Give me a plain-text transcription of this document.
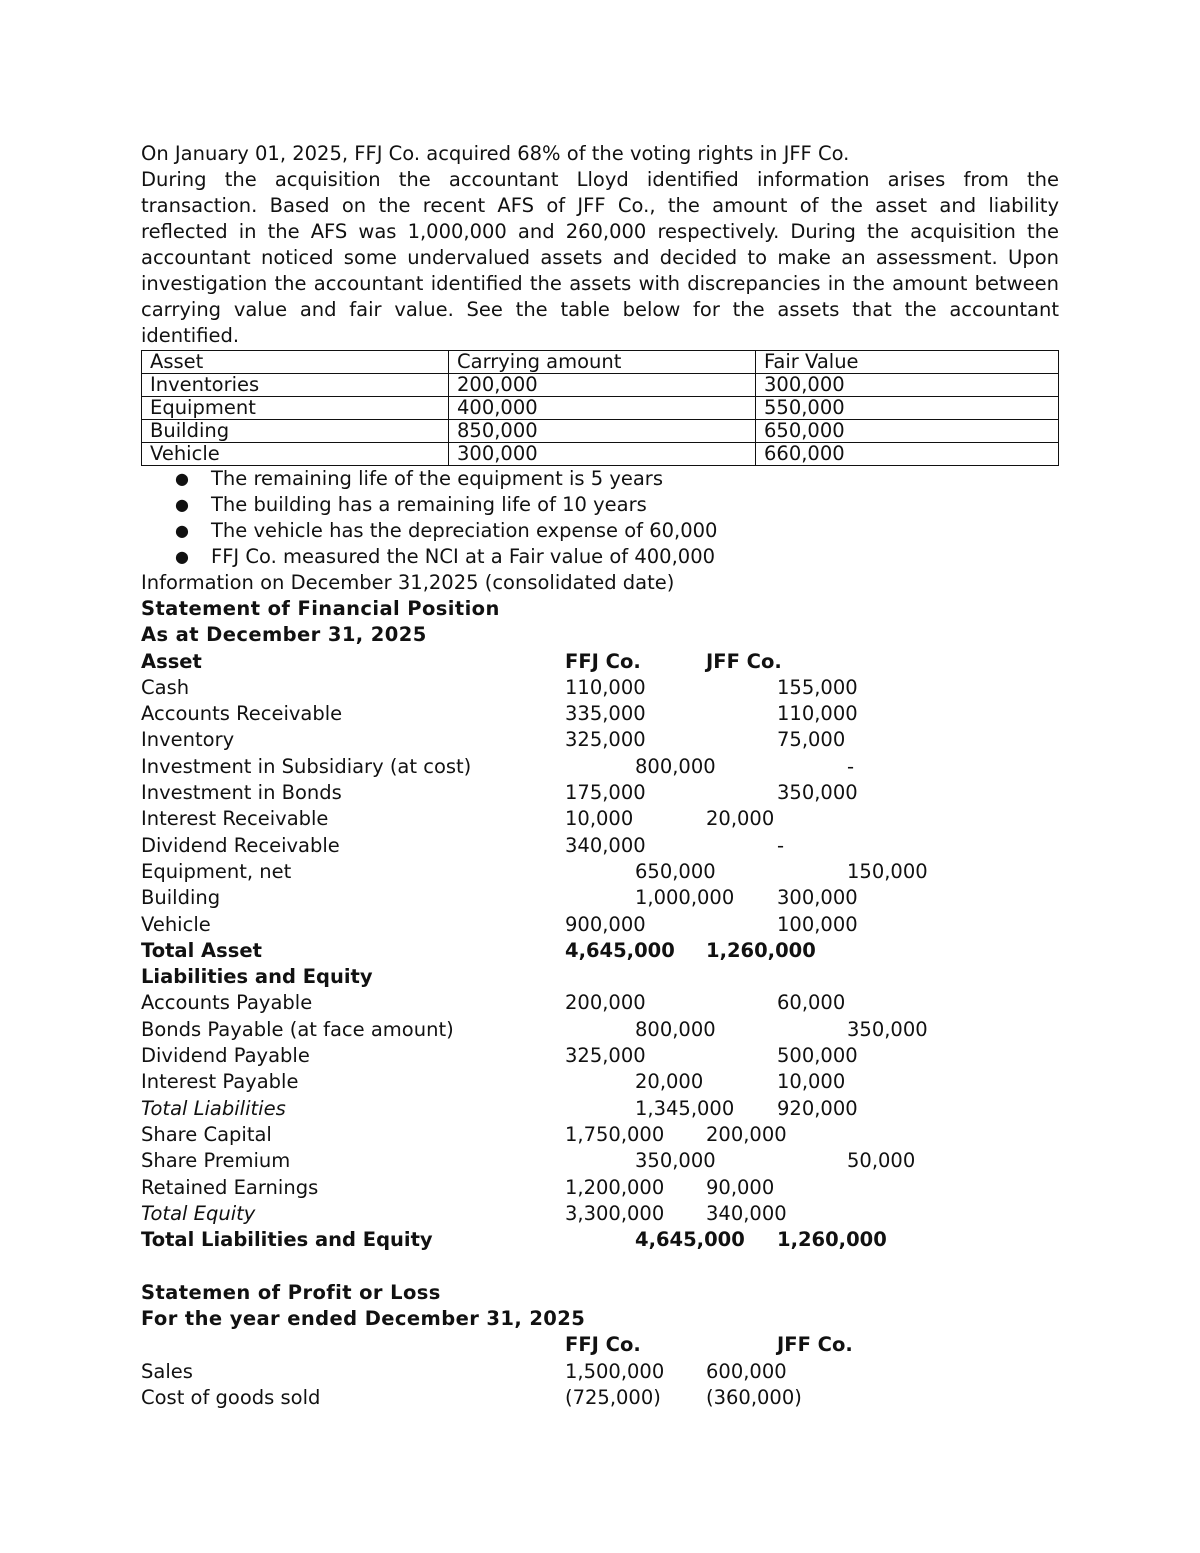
On January 01, 2025, FFJ Co. acquired 68% of the voting rights in JFF Co.
During the acquisition the accountant Lloyd identified information arises from the
transaction. Based on the recent AFS of JFF Co., the amount of the asset and liability
reflected in the AFS was 1,000,000 and 260,000 respectively. During the acquisition the
accountant noticed some undervalued assets and decided to make an assessment. Upon
investigation the accountant identified the assets with discrepancies in the amount between
carrying value and fair value. See the table below for the assets that the accountant
identified.
Asset	Carrying amount	Fair Value
Inventories	200,000	300,000
Equipment	400,000	550,000
Building	850,000	650,000
Vehicle	300,000	660,000
● The remaining life of the equipment is 5 years
● The building has a remaining life of 10 years
● The vehicle has the depreciation expense of 60,000
● FFJ Co. measured the NCI at a Fair value of 400,000
Information on December 31,2025 (consolidated date)
Statement of Financial Position
As at December 31, 2025
Asset	FFJ Co.	JFF Co.
Cash	110,000	155,000
Accounts Receivable	335,000	110,000
Inventory	325,000	75,000
Investment in Subsidiary (at cost)	800,000	-
Investment in Bonds	175,000	350,000
Interest Receivable	10,000	20,000
Dividend Receivable	340,000	-
Equipment, net	650,000	150,000
Building	1,000,000 300,000
Vehicle	900,000	100,000
Total Asset	4,645,000 1,260,000
Liabilities and Equity
Accounts Payable	200,000	60,000
Bonds Payable (at face amount)	800,000	350,000
Dividend Payable	325,000	500,000
Interest Payable	20,000	10,000
Total Liabilities	1,345,000 920,000
Share Capital	1,750,000 200,000
Share Premium	350,000	50,000
Retained Earnings	1,200,000 90,000
Total Equity	3,300,000 340,000
Total Liabilities and Equity	4,645,000 1,260,000
Statemen of Profit or Loss
For the year ended December 31, 2025
FFJ Co.	JFF Co.
Sales	1,500,000 600,000
Cost of goods sold	(725,000) (360,000)
